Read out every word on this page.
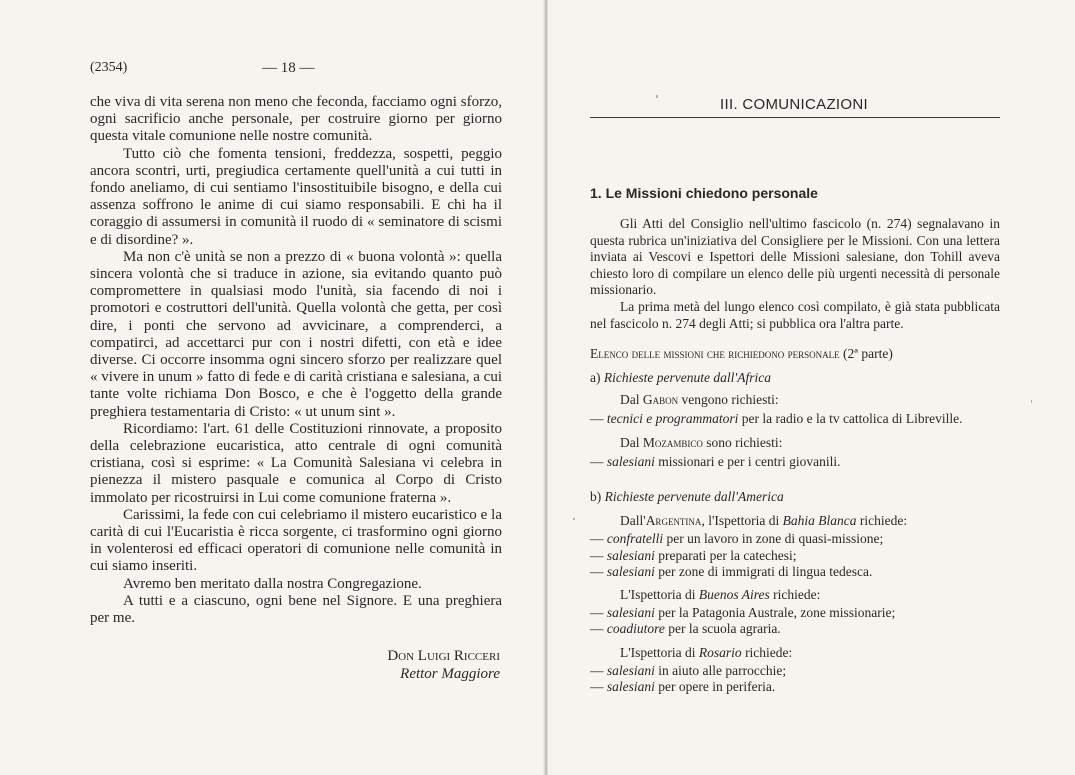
(2354)	— 18 —

che viva di vita serena non meno che feconda, facciamo ogni sforzo, ogni sacrificio anche personale, per costruire giorno per giorno questa vitale comunione nelle nostre comunità.

Tutto ciò che fomenta tensioni, freddezza, sospetti, peggio ancora scontri, urti, pregiudica certamente quell'unità a cui tutti in fondo aneliamo, di cui sentiamo l'insostituibile bisogno, e della cui assenza soffrono le anime di cui siamo responsabili. E chi ha il coraggio di assumersi in comunità il ruodo di « seminatore di scismi e di disordine? ».

Ma non c'è unità se non a prezzo di « buona volontà »: quella sincera volontà che si traduce in azione, sia evitando quanto può compromettere in qualsiasi modo l'unità, sia facendo di noi i promotori e costruttori dell'unità. Quella volontà che getta, per così dire, i ponti che servono ad avvicinare, a comprenderci, a compatirci, ad accettarci pur con i nostri difetti, con età e idee diverse. Ci occorre insomma ogni sincero sforzo per realizzare quel « vivere in unum » fatto di fede e di carità cristiana e salesiana, a cui tante volte richiama Don Bosco, e che è l'oggetto della grande preghiera testamentaria di Cristo: « ut unum sint ».

Ricordiamo: l'art. 61 delle Costituzioni rinnovate, a proposito della celebrazione eucaristica, atto centrale di ogni comunità cristiana, così si esprime: « La Comunità Salesiana vi celebra in pienezza il mistero pasquale e comunica al Corpo di Cristo immolato per ricostruirsi in Lui come comunione fraterna ».

Carissimi, la fede con cui celebriamo il mistero eucaristico e la carità di cui l'Eucaristia è ricca sorgente, ci trasformino ogni giorno in volenterosi ed efficaci operatori di comunione nelle comunità in cui siamo inseriti.

Avremo ben meritato dalla nostra Congregazione.

A tutti e a ciascuno, ogni bene nel Signore. E una preghiera per me.

Don Luigi Ricceri
Rettor Maggiore
III. COMUNICAZIONI
1. Le Missioni chiedono personale

Gli Atti del Consiglio nell'ultimo fascicolo (n. 274) segnalavano in questa rubrica un'iniziativa del Consigliere per le Missioni. Con una lettera inviata ai Vescovi e Ispettori delle Missioni salesiane, don Tohill aveva chiesto loro di compilare un elenco delle più urgenti necessità di personale missionario.

La prima metà del lungo elenco così compilato, è già stata pubblicata nel fascicolo n. 274 degli Atti; si pubblica ora l'altra parte.

Elenco delle missioni che richiedono personale (2ª parte)
a) Richieste pervenute dall'Africa
Dal Gabon vengono richiesti:
— tecnici e programmatori per la radio e la tv cattolica di Libreville.
Dal Mozambico sono richiesti:
— salesiani missionari e per i centri giovanili.
b) Richieste pervenute dall'America
Dall'Argentina, l'Ispettoria di Bahia Blanca richiede:
— confratelli per un lavoro in zone di quasi-missione;
— salesiani preparati per la catechesi;
— salesiani per zone di immigrati di lingua tedesca.
L'Ispettoria di Buenos Aires richiede:
— salesiani per la Patagonia Australe, zone missionarie;
— coadiutore per la scuola agraria.
L'Ispettoria di Rosario richiede:
— salesiani in aiuto alle parrocchie;
— salesiani per opere in periferia.
